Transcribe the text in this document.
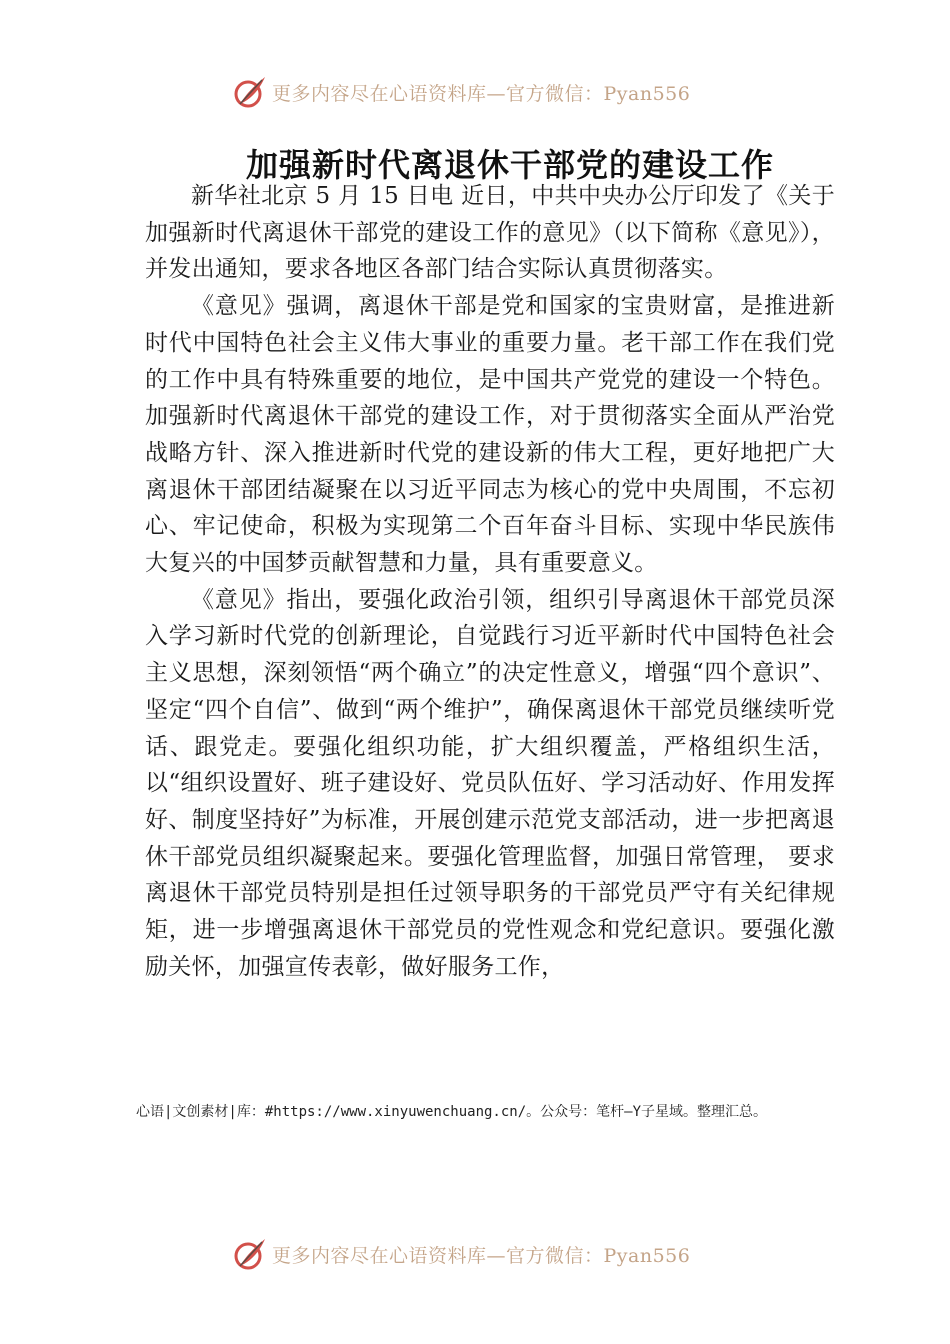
更多内容尽在心语资料库—官方微信：Pyan556
加强新时代离退休干部党的建设工作

新华社北京 5 月 15 日电 近日，中共中央办公厅印发了《关于加强新时代离退休干部党的建设工作的意见》（以下简称《意见》），并发出通知，要求各地区各部门结合实际认真贯彻落实。

《意见》强调，离退休干部是党和国家的宝贵财富，是推进新时代中国特色社会主义伟大事业的重要力量。老干部工作在我们党的工作中具有特殊重要的地位，是中国共产党党的建设一个特色。加强新时代离退休干部党的建设工作，对于贯彻落实全面从严治党战略方针、深入推进新时代党的建设新的伟大工程，更好地把广大离退休干部团结凝聚在以习近平同志为核心的党中央周围，不忘初心、牢记使命，积极为实现第二个百年奋斗目标、实现中华民族伟大复兴的中国梦贡献智慧和力量，具有重要意义。

《意见》指出，要强化政治引领，组织引导离退休干部党员深入学习新时代党的创新理论，自觉践行习近平新时代中国特色社会主义思想，深刻领悟“两个确立”的决定性意义，增强“四个意识”、坚定“四个自信”、做到“两个维护”，确保离退休干部党员继续听党话、跟党走。要强化组织功能，扩大组织覆盖，严格组织生活，以“组织设置好、班子建设好、党员队伍好、学习活动好、作用发挥好、制度坚持好”为标准，开展创建示范党支部活动，进一步把离退休干部党员组织凝聚起来。要强化管理监督，加强日常管理， 要求离退休干部党员特别是担任过领导职务的干部党员严守有关纪律规矩，进一步增强离退休干部党员的党性观念和党纪意识。要强化激励关怀，加强宣传表彰，做好服务工作，

心语|文创素材|库：#https://www.xinyuwenchuang.cn/。公众号：笔杆—Y子星域。整理汇总。
更多内容尽在心语资料库—官方微信：Pyan556
